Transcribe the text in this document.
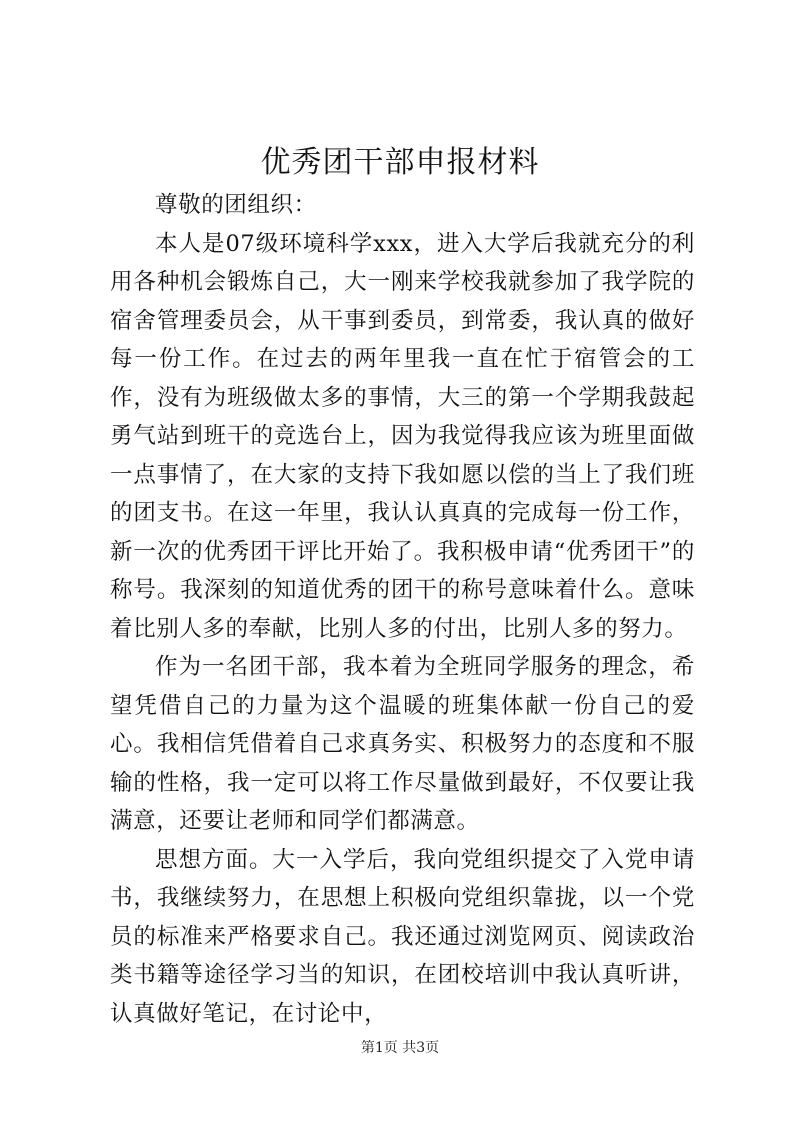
优秀团干部申报材料

尊敬的团组织：

本人是07级环境科学xxx，进入大学后我就充分的利用各种机会锻炼自己，大一刚来学校我就参加了我学院的宿舍管理委员会，从干事到委员，到常委，我认真的做好每一份工作。在过去的两年里我一直在忙于宿管会的工作，没有为班级做太多的事情，大三的第一个学期我鼓起勇气站到班干的竞选台上，因为我觉得我应该为班里面做一点事情了，在大家的支持下我如愿以偿的当上了我们班的团支书。在这一年里，我认认真真的完成每一份工作，新一次的优秀团干评比开始了。我积极申请“优秀团干”的称号。我深刻的知道优秀的团干的称号意味着什么。意味着比别人多的奉献，比别人多的付出，比别人多的努力。

作为一名团干部，我本着为全班同学服务的理念，希望凭借自己的力量为这个温暖的班集体献一份自己的爱心。我相信凭借着自己求真务实、积极努力的态度和不服输的性格，我一定可以将工作尽量做到最好，不仅要让我满意，还要让老师和同学们都满意。

思想方面。大一入学后，我向党组织提交了入党申请书，我继续努力，在思想上积极向党组织靠拢，以一个党员的标准来严格要求自己。我还通过浏览网页、阅读政治类书籍等途径学习当的知识，在团校培训中我认真听讲，认真做好笔记，在讨论中，

第1页 共3页
